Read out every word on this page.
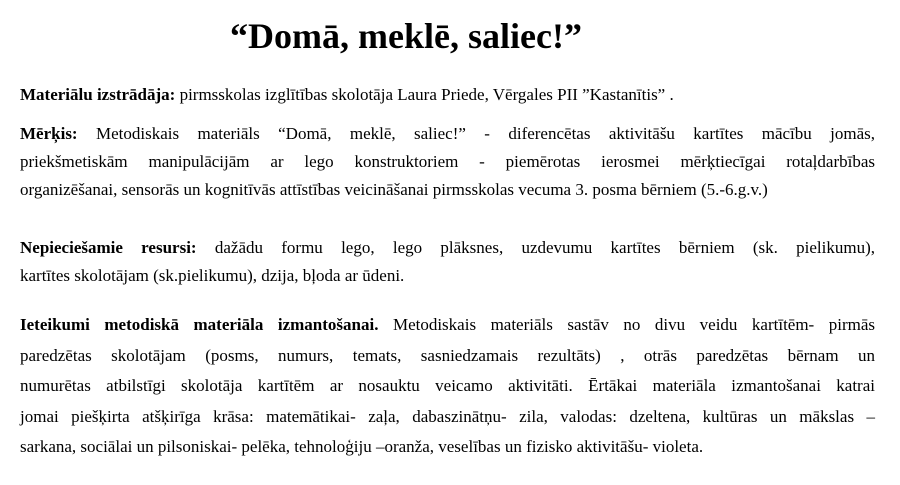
“Domā, meklē, saliec!”

Materiālu izstrādāja: pirmsskolas izglītības skolotāja Laura Priede, Vērgales PII ”Kastanītis” .

Mērķis: Metodiskais materiāls “Domā, meklē, saliec!” - diferencētas aktivitāšu kartītes mācību jomās,
priekšmetiskām manipulācijām ar lego konstruktoriem - piemērotas ierosmei mērķtiecīgai rotaļdarbības
organizēšanai, sensorās un kognitīvās attīstības veicināšanai pirmsskolas vecuma 3. posma bērniem (5.-6.g.v.)
Nepieciešamie resursi: dažādu formu lego, lego plāksnes, uzdevumu kartītes bērniem (sk. pielikumu),
kartītes skolotājam (sk.pielikumu), dzija, bļoda ar ūdeni.
Ieteikumi metodiskā materiāla izmantošanai. Metodiskais materiāls sastāv no divu veidu kartītēm- pirmās
paredzētas skolotājam (posms, numurs, temats, sasniedzamais rezultāts) , otrās paredzētas bērnam un
numurētas atbilstīgi skolotāja kartītēm ar nosauktu veicamo aktivitāti. Ērtākai materiāla izmantošanai katrai
jomai piešķirta atšķirīga krāsa: matemātikai- zaļa, dabaszinātņu- zila, valodas: dzeltena, kultūras un mākslas –
sarkana, sociālai un pilsoniskai- pelēka, tehnoloģiju –oranža, veselības un fizisko aktivitāšu- violeta.
